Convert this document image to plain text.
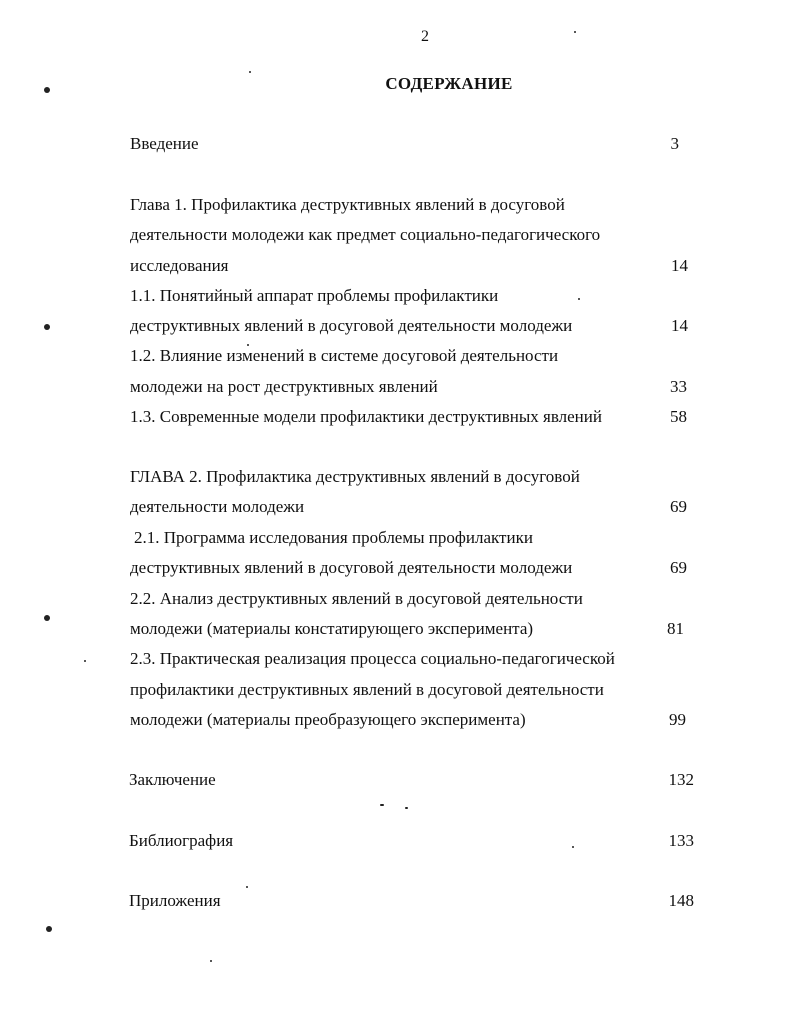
2
СОДЕРЖАНИЕ
Введение	3
Глава 1. Профилактика деструктивных явлений в досуговой
деятельности молодежи как предмет социально-педагогического
исследования	14
1.1. Понятийный аппарат проблемы профилактики
деструктивных явлений в досуговой деятельности молодежи	14
1.2. Влияние изменений в системе досуговой деятельности
молодежи на рост деструктивных явлений	33
1.3. Современные модели профилактики деструктивных явлений	58
ГЛАВА 2. Профилактика деструктивных явлений в досуговой
деятельности молодежи	69
2.1. Программа исследования проблемы профилактики
деструктивных явлений в досуговой деятельности молодежи	69
2.2. Анализ деструктивных явлений в досуговой деятельности
молодежи (материалы констатирующего эксперимента)	81
2.3. Практическая реализация процесса социально-педагогической
профилактики деструктивных явлений в досуговой деятельности
молодежи (материалы преобразующего эксперимента)	99
Заключение	132
Библиография	133
Приложения	148
